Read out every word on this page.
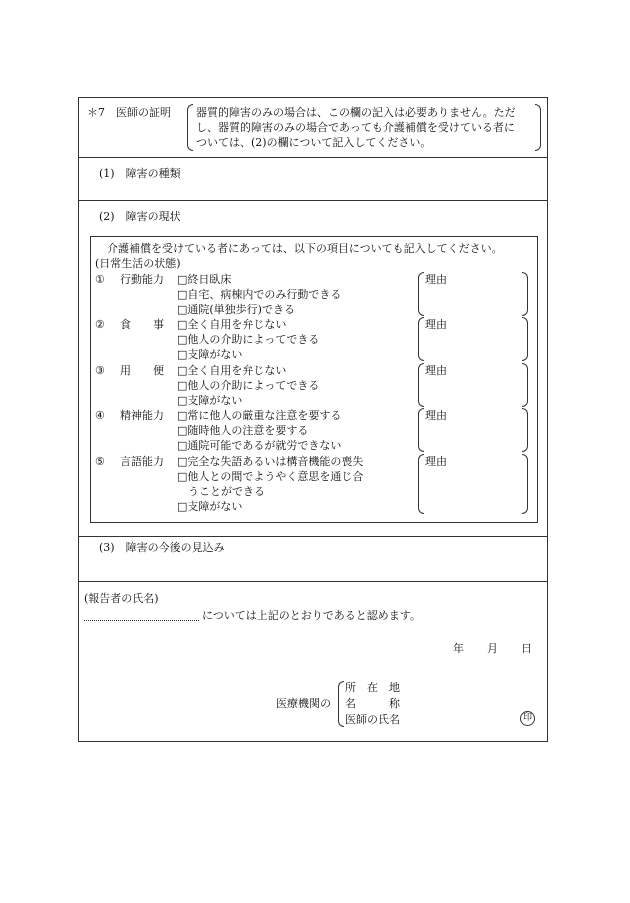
＊7　医師の証明 器質的障害のみの場合は、この欄の記入は必要ありません。ただ
し、器質的障害のみの場合であっても介護補償を受けている者に
ついては、(2)の欄について記入してください。
(1)　障害の種類
(2)　障害の現状
介護補償を受けている者にあっては、以下の項目についても記入してください。
(日常生活の状態)
① 行動能力 □終日臥床
□自宅、病棟内でのみ行動できる
□通院(単独歩行)できる
理由
② 食　　事 □全く自用を弁じない
□他人の介助によってできる
□支障がない
理由
③ 用　　便 □全く自用を弁じない
□他人の介助によってできる
□支障がない
理由
④ 精神能力 □常に他人の厳重な注意を要する
□随時他人の注意を要する
□通院可能であるが就労できない
理由
⑤ 言語能力 □完全な失語あるいは構音機能の喪失
□他人との間でようやく意思を通じ合
　うことができる
□支障がない
理由
(3)　障害の今後の見込み
(報告者の氏名)
については上記のとおりであると認めます。
年 月 日
医療機関の
所　在　地
名　　　称
医師の氏名	印
